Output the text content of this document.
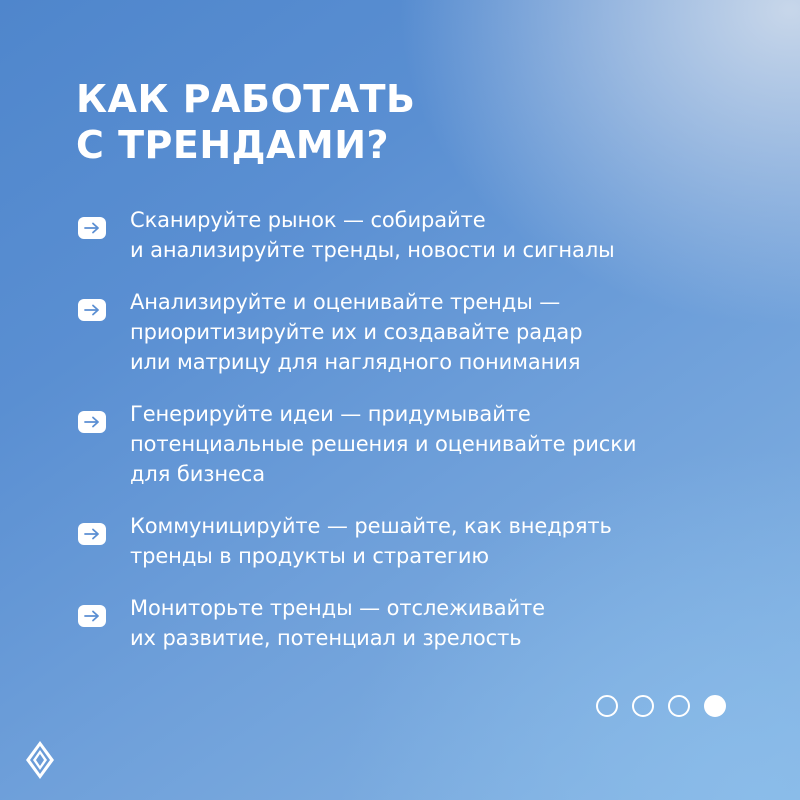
КАК РАБОТАТЬ
С ТРЕНДАМИ?
Сканируйте рынок — собирайте
и анализируйте тренды, новости и сигналы
Анализируйте и оценивайте тренды —
приоритизируйте их и создавайте радар
или матрицу для наглядного понимания
Генерируйте идеи — придумывайте
потенциальные решения и оценивайте риски
для бизнеса
Коммуницируйте — решайте, как внедрять
тренды в продукты и стратегию
Мониторьте тренды — отслеживайте
их развитие, потенциал и зрелость
